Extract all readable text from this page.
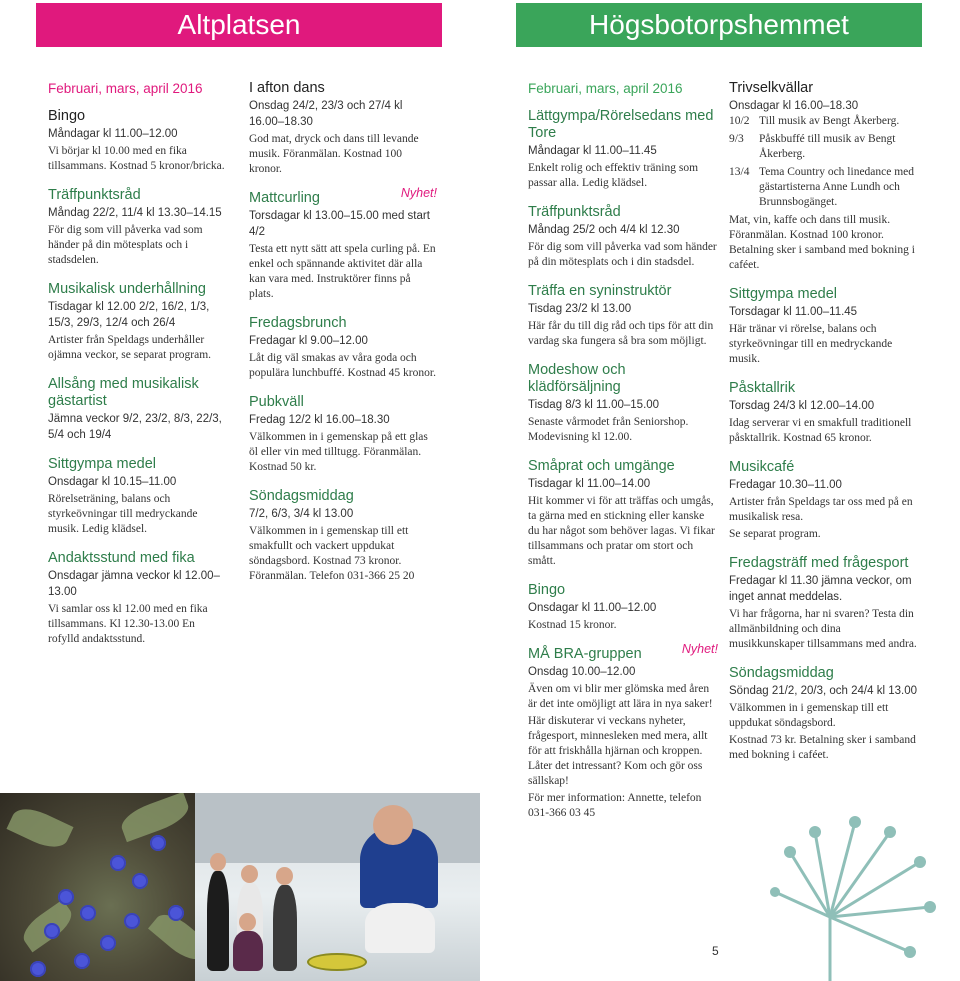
Altplatsen	Högsbotorpshemmet
Februari, mars, april 2016
Bingo
Måndagar kl 11.00–12.00
Vi börjar kl 10.00 med en fika tillsammans. Kostnad 5 kronor/bricka.
Träffpunktsråd
Måndag 22/2, 11/4 kl 13.30–14.15
För dig som vill påverka vad som händer på din mötesplats och i stadsdelen.
Musikalisk underhållning
Tisdagar kl 12.00 2/2, 16/2, 1/3, 15/3, 29/3, 12/4 och 26/4
Artister från Speldags underhåller ojämna veckor, se separat program.
Allsång med musikalisk gästartist
Jämna veckor 9/2, 23/2, 8/3, 22/3, 5/4 och 19/4
Sittgympa medel
Onsdagar kl 10.15–11.00
Rörelseträning, balans och styrkeövningar till medryckande musik. Ledig klädsel.
Andaktsstund med fika
Onsdagar jämna veckor kl 12.00–13.00
Vi samlar oss kl 12.00 med en fika tillsammans. Kl 12.30-13.00 En rofylld andaktsstund.
I afton dans
Onsdag 24/2, 23/3 och 27/4 kl 16.00–18.30
God mat, dryck och dans till levande musik. Föranmälan. Kostnad 100 kronor.
Mattcurling	Nyhet!
Torsdagar kl 13.00–15.00 med start 4/2
Testa ett nytt sätt att spela curling på. En enkel och spännande aktivitet där alla kan vara med. Instruktörer finns på plats.
Fredagsbrunch
Fredagar kl 9.00–12.00
Låt dig väl smakas av våra goda och populära lunchbuffé. Kostnad 45 kronor.
Pubkväll
Fredag 12/2 kl 16.00–18.30
Välkommen in i gemenskap på ett glas öl eller vin med tilltugg. Föranmälan. Kostnad 50 kr.
Söndagsmiddag
7/2, 6/3, 3/4 kl 13.00
Välkommen in i gemenskap till ett smakfullt och vackert uppdukat söndagsbord. Kostnad 73 kronor. Föranmälan. Telefon 031-366 25 20
Februari, mars, april 2016
Lättgympa/Rörelsedans med Tore
Måndagar kl 11.00–11.45
Enkelt rolig och effektiv träning som passar alla. Ledig klädsel.
Träffpunktsråd
Måndag 25/2 och 4/4 kl 12.30
För dig som vill påverka vad som händer på din mötesplats och i din stadsdel.
Träffa en syninstruktör
Tisdag 23/2 kl 13.00
Här får du till dig råd och tips för att din vardag ska fungera så bra som möjligt.
Modeshow och klädförsäljning
Tisdag 8/3 kl 11.00–15.00
Senaste vårmodet från Seniorshop. Modevisning kl 12.00.
Småprat och umgänge
Tisdagar kl 11.00–14.00
Hit kommer vi för att träffas och umgås, ta gärna med en stickning eller kanske du har något som behöver lagas. Vi fikar tillsammans och pratar om stort och smått.
Bingo
Onsdagar kl 11.00–12.00
Kostnad 15 kronor.
MÅ BRA-gruppen	Nyhet!
Onsdag 10.00–12.00
Även om vi blir mer glömska med åren är det inte omöjligt att lära in nya saker!
Här diskuterar vi veckans nyheter, frågesport, minnesleken med mera, allt för att friskhålla hjärnan och kroppen. Låter det intressant? Kom och gör oss sällskap!
För mer information: Annette, telefon 031-366 03 45
Trivselkvällar
Onsdagar kl 16.00–18.30
10/2 Till musik av Bengt Åkerberg.
9/3	Påskbuffé till musik av Bengt Åkerberg.
13/4 Tema Country och linedance med gästartisterna Anne Lundh och Brunnsbogänget.
Mat, vin, kaffe och dans till musik. Föranmälan. Kostnad 100 kronor. Betalning sker i samband med bokning i caféet.
Sittgympa medel
Torsdagar kl 11.00–11.45
Här tränar vi rörelse, balans och styrkeövningar till en medryckande musik.
Påsktallrik
Torsdag 24/3 kl 12.00–14.00
Idag serverar vi en smakfull traditionell påsktallrik. Kostnad 65 kronor.
Musikcafé
Fredagar 10.30–11.00
Artister från Speldags tar oss med på en musikalisk resa.
Se separat program.
Fredagsträff med frågesport
Fredagar kl 11.30 jämna veckor, om inget annat meddelas.
Vi har frågorna, har ni svaren? Testa din allmänbildning och dina musikkunskaper tillsammans med andra.
Söndagsmiddag
Söndag 21/2, 20/3, och 24/4 kl 13.00
Välkommen in i gemenskap till ett uppdukat söndagsbord.
Kostnad 73 kr. Betalning sker i samband med bokning i caféet.
5
